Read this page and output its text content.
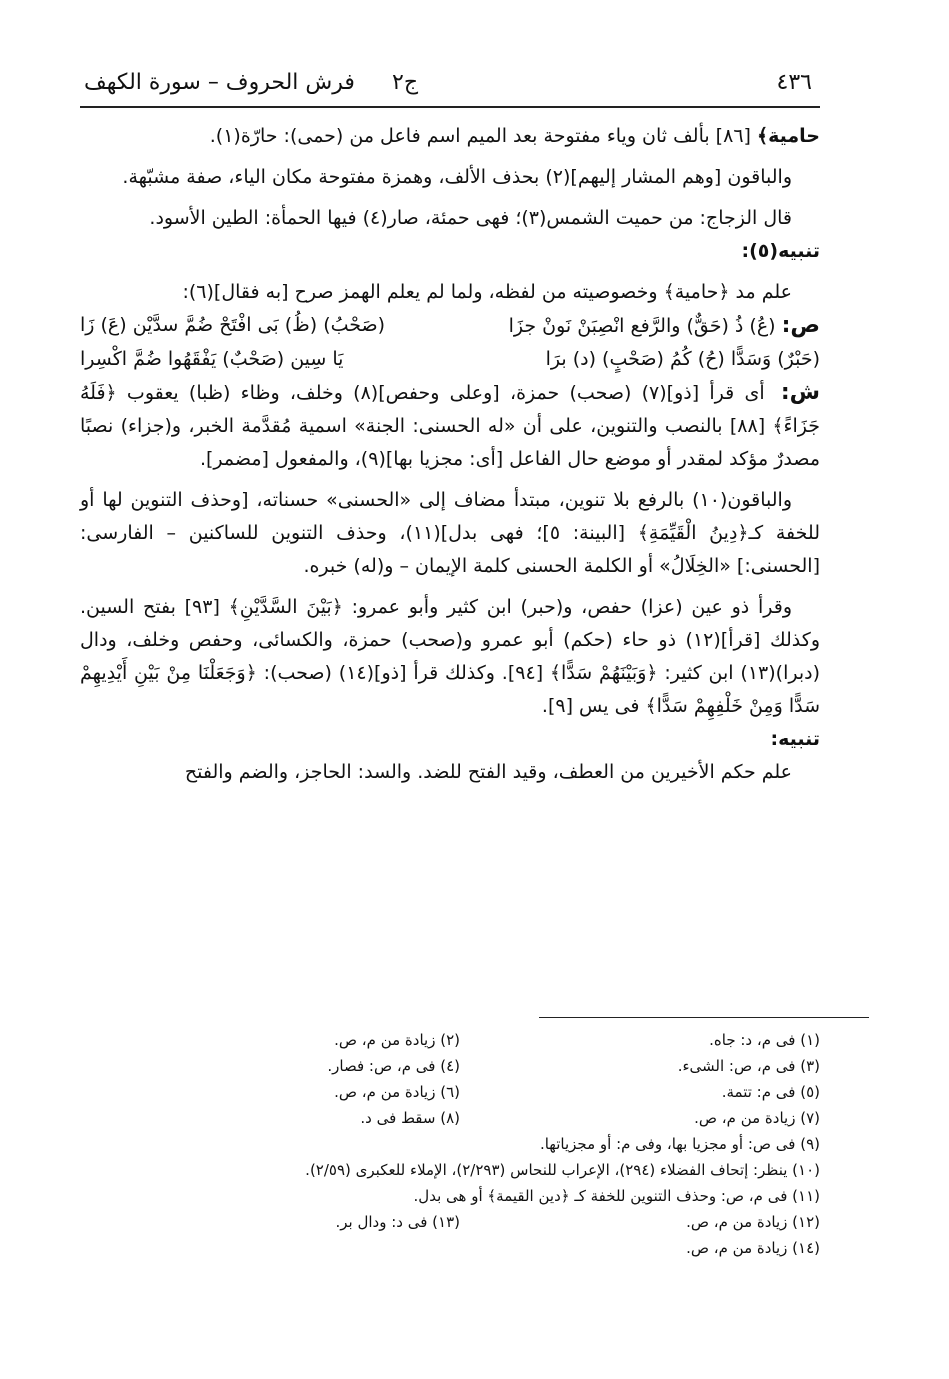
٤٣٦
ج٢
فرش الحروف – سورة الكهف

حامية﴾ [٨٦] بألف ثان وياء مفتوحة بعد الميم اسم فاعل من (حمى): حارّة(١).

والباقون [وهم المشار إليهم](٢) بحذف الألف، وهمزة مفتوحة مكان الياء، صفة مشبّهة.

قال الزجاج: من حميت الشمس(٣)؛ فهى حمئة، صار(٤) فيها الحمأة: الطين الأسود.

تنبيه(٥):

علم مد ﴿حامية﴾ وخصوصيته من لفظه، ولما لم يعلم الهمز صرح [به فقال](٦):

ص:(عُ) ذُ (حَقٌّ) والرَّفع انْصِبَنْ نَونْ جزَا
(صَحْبُ) (ظُ) بَى افْتَحْ ضُمَّ سدَّيْن (عَ) زَا
(حَبْرٌ) وَسَدًّا (حُ) كُمُ (صَحْبٍ) (د) برَا
يَا سِين (صَحْبٌ) يَفْقَهُوا ضُمَّ اكْسِرا

ش: أى قرأ [ذو](٧) (صحب) حمزة، [وعلى وحفص](٨) وخلف، وظاء (ظبا) يعقوب ﴿فَلَهُ جَزَاءً﴾ [٨٨] بالنصب والتنوين، على أن «له الحسنى: الجنة» اسمية مُقدَّمة الخبر، و(جزاء) نصبًا مصدرٌ مؤكد لمقدر أو موضع حال الفاعل [أى: مجزيا بها](٩)، والمفعول [مضمر].

والباقون(١٠) بالرفع بلا تنوين، مبتدأ مضاف إلى «الحسنى» حسناته، [وحذف التنوين لها أو للخفة كـ﴿دِينُ الْقَيِّمَةِ﴾ [البينة: ٥]؛ فهى بدل](١١)، وحذف التنوين للساكنين – الفارسى: [الحسنى:] «الخِلَالُ» أو الكلمة الحسنى كلمة الإيمان – و(له) خبره.

وقرأ ذو عين (عزا) حفص، و(حبر) ابن كثير وأبو عمرو: ﴿بَيْنَ السَّدَّيْنِ﴾ [٩٣] بفتح السين. وكذلك [قرأ](١٢) ذو حاء (حكم) أبو عمرو و(صحب) حمزة، والكسائى، وحفص وخلف، ودال (دبرا)(١٣) ابن كثير: ﴿وَبَيْنَهُمْ سَدًّا﴾ [٩٤]. وكذلك قرأ [ذو](١٤) (صحب): ﴿وَجَعَلْنَا مِنْ بَيْنِ أَيْدِيهِمْ سَدًّا وَمِنْ خَلْفِهِمْ سَدًّا﴾ فى يس [٩].

تنبيه:

علم حكم الأخيرين من العطف، وقيد الفتح للضد. والسد: الحاجز، والضم والفتح

(١) فى م، د: جاه.
(٢) زيادة من م، ص.
(٣) فى م، ص: الشىء.
(٤) فى م، ص: فصار.
(٥) فى م: تتمة.
(٦) زيادة من م، ص.
(٧) زيادة من م، ص.
(٨) سقط فى د.
(٩) فى ص: أو مجزيا بها، وفى م: أو مجزياتها.
(١٠) ينظر: إتحاف الفضلاء (٢٩٤)، الإعراب للنحاس (٢/٢٩٣)، الإملاء للعكبرى (٢/٥٩).
(١١) فى م، ص: وحذف التنوين للخفة كـ ﴿دين القيمة﴾ أو هى بدل.
(١٢) زيادة من م، ص.
(١٣) فى د: ودال بر.
(١٤) زيادة من م، ص.
